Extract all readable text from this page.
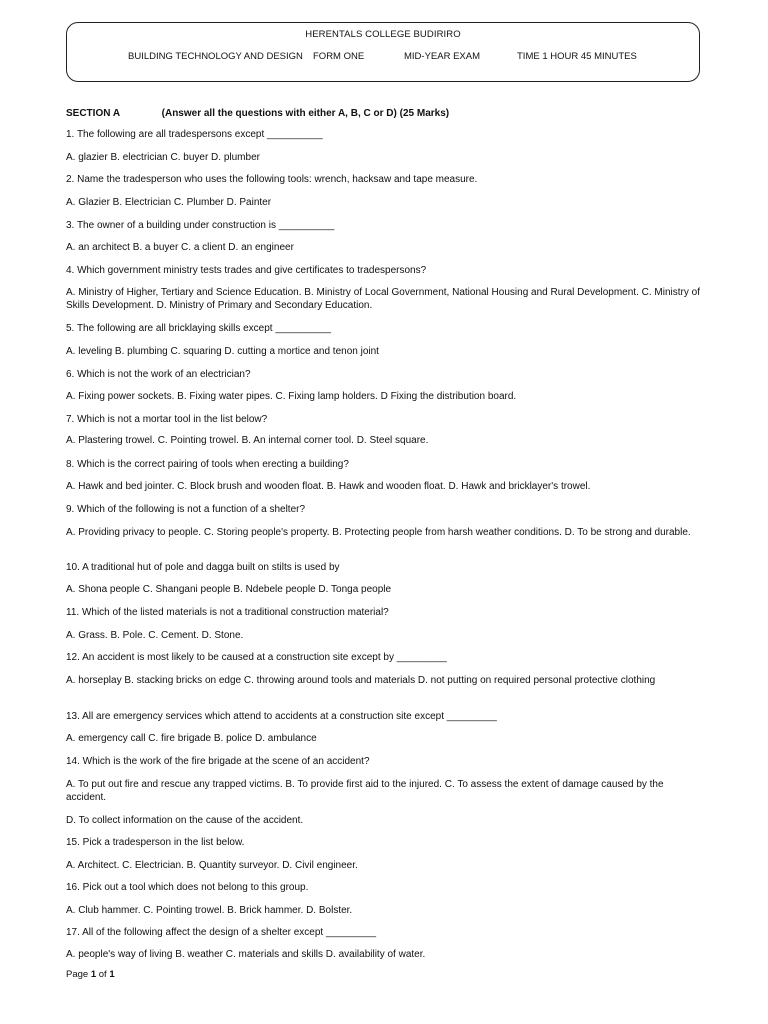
HERENTALS COLLEGE BUDIRIRO
BUILDING TECHNOLOGY AND DESIGN FORM ONE	MID-YEAR EXAM	TIME 1 HOUR 45 MINUTES
SECTION A	(Answer all the questions with either A, B, C or D) (25 Marks)
1. The following are all tradespersons except __________
A. glazier B. electrician C. buyer D. plumber
2. Name the tradesperson who uses the following tools: wrench, hacksaw and tape measure.
A. Glazier B. Electrician C. Plumber D. Painter
3. The owner of a building under construction is __________
A. an architect B. a buyer C. a client D. an engineer
4. Which government ministry tests trades and give certificates to tradespersons?
A. Ministry of Higher, Tertiary and Science Education. B. Ministry of Local Government, National Housing and Rural Development. C. Ministry of Skills Development. D. Ministry of Primary and Secondary Education.
5. The following are all bricklaying skills except __________
A. leveling B. plumbing C. squaring D. cutting a mortice and tenon joint
6. Which is not the work of an electrician?
A. Fixing power sockets. B. Fixing water pipes. C. Fixing lamp holders. D Fixing the distribution board.
7. Which is not a mortar tool in the list below?
A. Plastering trowel. C. Pointing trowel. B. An internal corner tool. D. Steel square.
8. Which is the correct pairing of tools when erecting a building?
A. Hawk and bed jointer. C. Block brush and wooden float. B. Hawk and wooden float. D. Hawk and bricklayer's trowel.
9. Which of the following is not a function of a shelter?
A. Providing privacy to people. C. Storing people's property. B. Protecting people from harsh weather conditions. D. To be strong and durable.
10. A traditional hut of pole and dagga built on stilts is used by
A. Shona people C. Shangani people B. Ndebele people D. Tonga people
11. Which of the listed materials is not a traditional construction material?
A. Grass. B. Pole. C. Cement. D. Stone.
12. An accident is most likely to be caused at a construction site except by _________
A. horseplay B. stacking bricks on edge C. throwing around tools and materials D. not putting on required personal protective clothing
13. All are emergency services which attend to accidents at a construction site except _________
A. emergency call C. fire brigade B. police D. ambulance
14. Which is the work of the fire brigade at the scene of an accident?
A. To put out fire and rescue any trapped victims. B. To provide first aid to the injured. C. To assess the extent of damage caused by the accident.
D. To collect information on the cause of the accident.
15. Pick a tradesperson in the list below.
A. Architect. C. Electrician. B. Quantity surveyor. D. Civil engineer.
16. Pick out a tool which does not belong to this group.
A. Club hammer. C. Pointing trowel. B. Brick hammer. D. Bolster.
17. All of the following affect the design of a shelter except _________
A. people's way of living B. weather C. materials and skills D. availability of water.
Page 1 of 1
